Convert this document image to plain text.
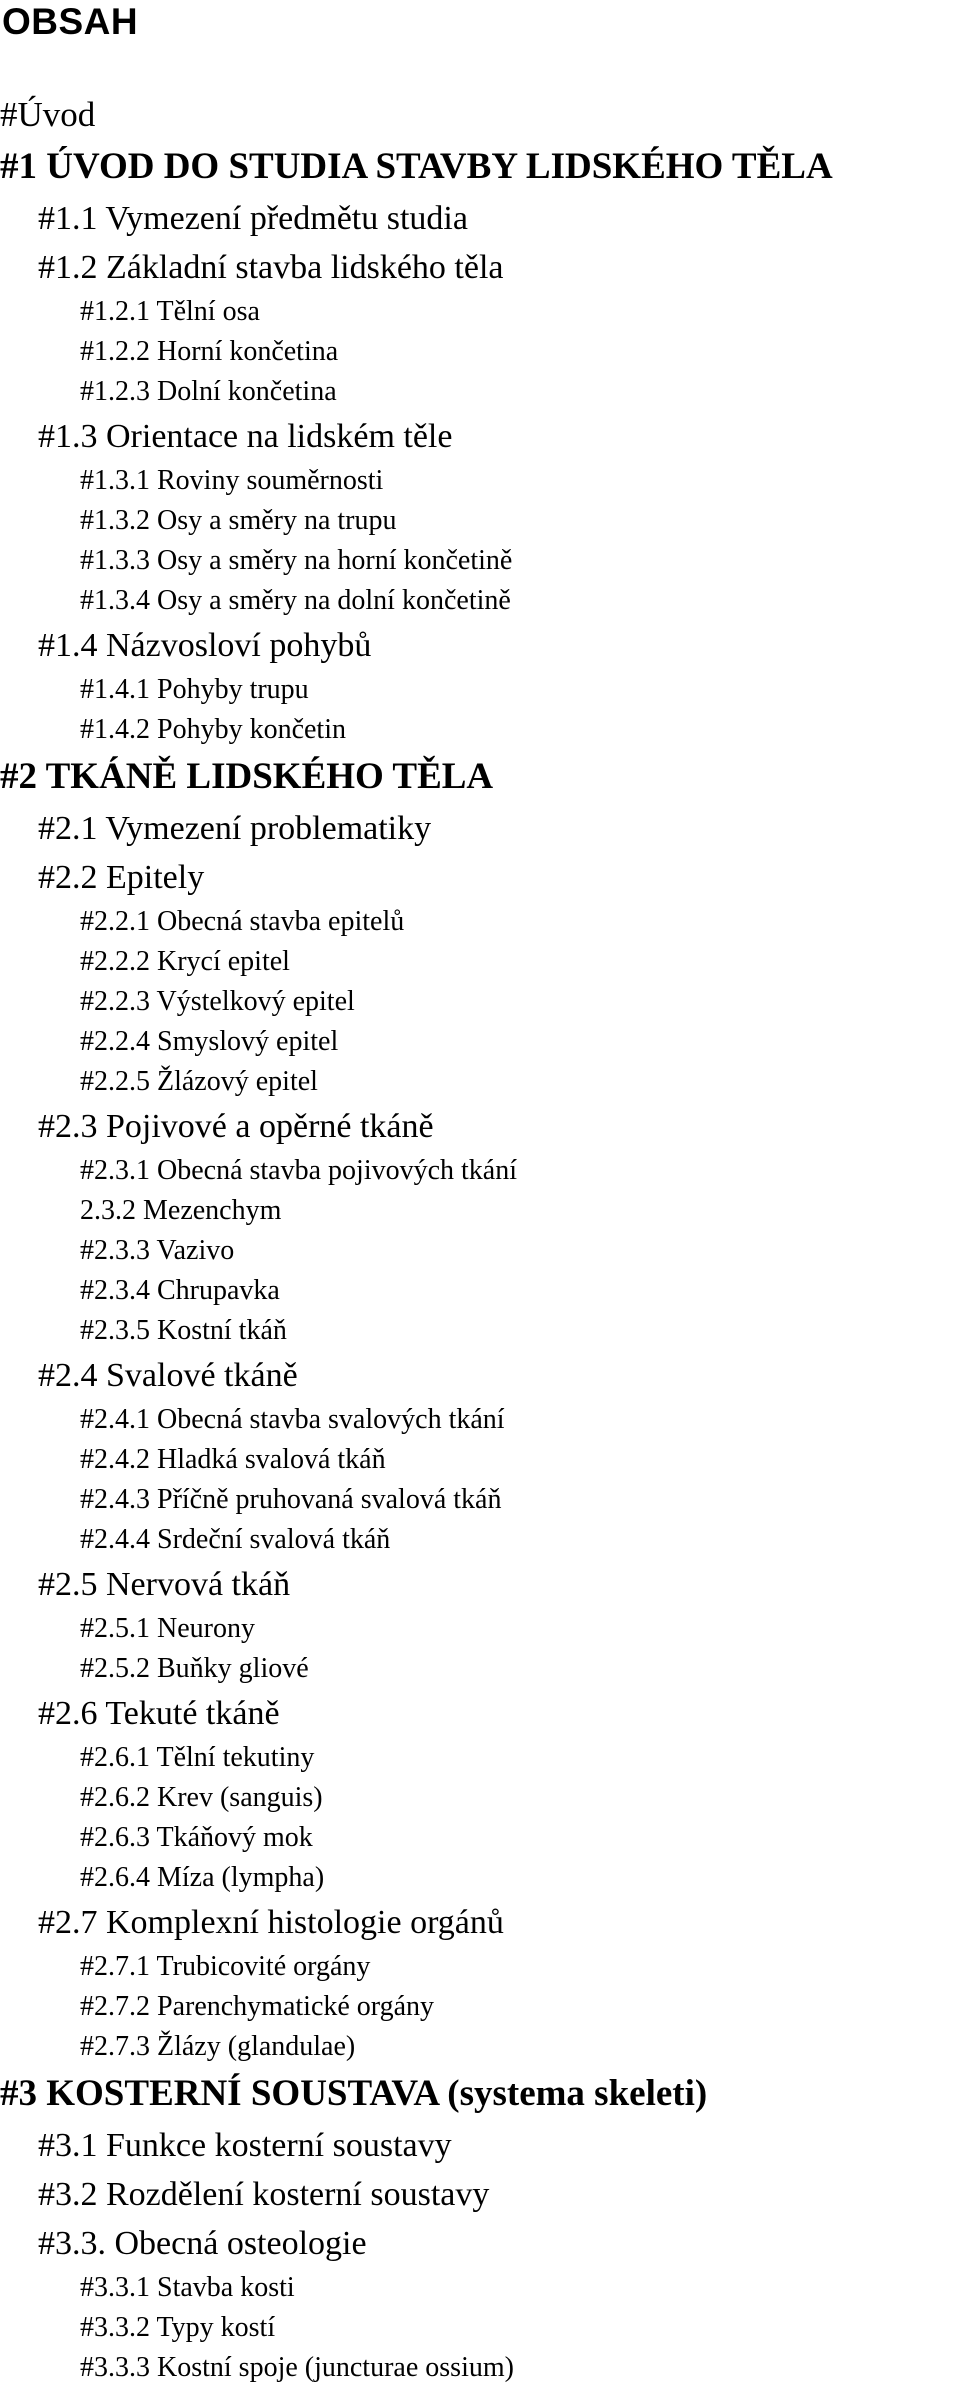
OBSAH
#Úvod
#1 ÚVOD DO STUDIA STAVBY LIDSKÉHO TĚLA
#1.1 Vymezení předmětu studia
#1.2 Základní stavba lidského těla
#1.2.1 Tělní osa
#1.2.2 Horní končetina
#1.2.3 Dolní končetina
#1.3 Orientace na lidském těle
#1.3.1 Roviny souměrnosti
#1.3.2 Osy a směry na trupu
#1.3.3 Osy a směry na horní končetině
#1.3.4 Osy a směry na dolní končetině
#1.4 Názvosloví pohybů
#1.4.1 Pohyby trupu
#1.4.2 Pohyby končetin
#2 TKÁNĚ LIDSKÉHO TĚLA
#2.1 Vymezení problematiky
#2.2 Epitely
#2.2.1 Obecná stavba epitelů
#2.2.2 Krycí epitel
#2.2.3 Výstelkový epitel
#2.2.4 Smyslový epitel
#2.2.5 Žlázový epitel
#2.3 Pojivové a opěrné tkáně
#2.3.1 Obecná stavba pojivových tkání
2.3.2 Mezenchym
#2.3.3 Vazivo
#2.3.4 Chrupavka
#2.3.5 Kostní tkáň
#2.4 Svalové tkáně
#2.4.1 Obecná stavba svalových tkání
#2.4.2 Hladká svalová tkáň
#2.4.3 Příčně pruhovaná svalová tkáň
#2.4.4 Srdeční svalová tkáň
#2.5 Nervová tkáň
#2.5.1 Neurony
#2.5.2 Buňky gliové
#2.6 Tekuté tkáně
#2.6.1 Tělní tekutiny
#2.6.2 Krev (sanguis)
#2.6.3 Tkáňový mok
#2.6.4 Míza (lympha)
#2.7 Komplexní histologie orgánů
#2.7.1 Trubicovité orgány
#2.7.2 Parenchymatické orgány
#2.7.3 Žlázy (glandulae)
#3 KOSTERNÍ SOUSTAVA (systema skeleti)
#3.1 Funkce kosterní soustavy
#3.2 Rozdělení kosterní soustavy
#3.3. Obecná osteologie
#3.3.1 Stavba kosti
#3.3.2 Typy kostí
#3.3.3 Kostní spoje (juncturae ossium)
